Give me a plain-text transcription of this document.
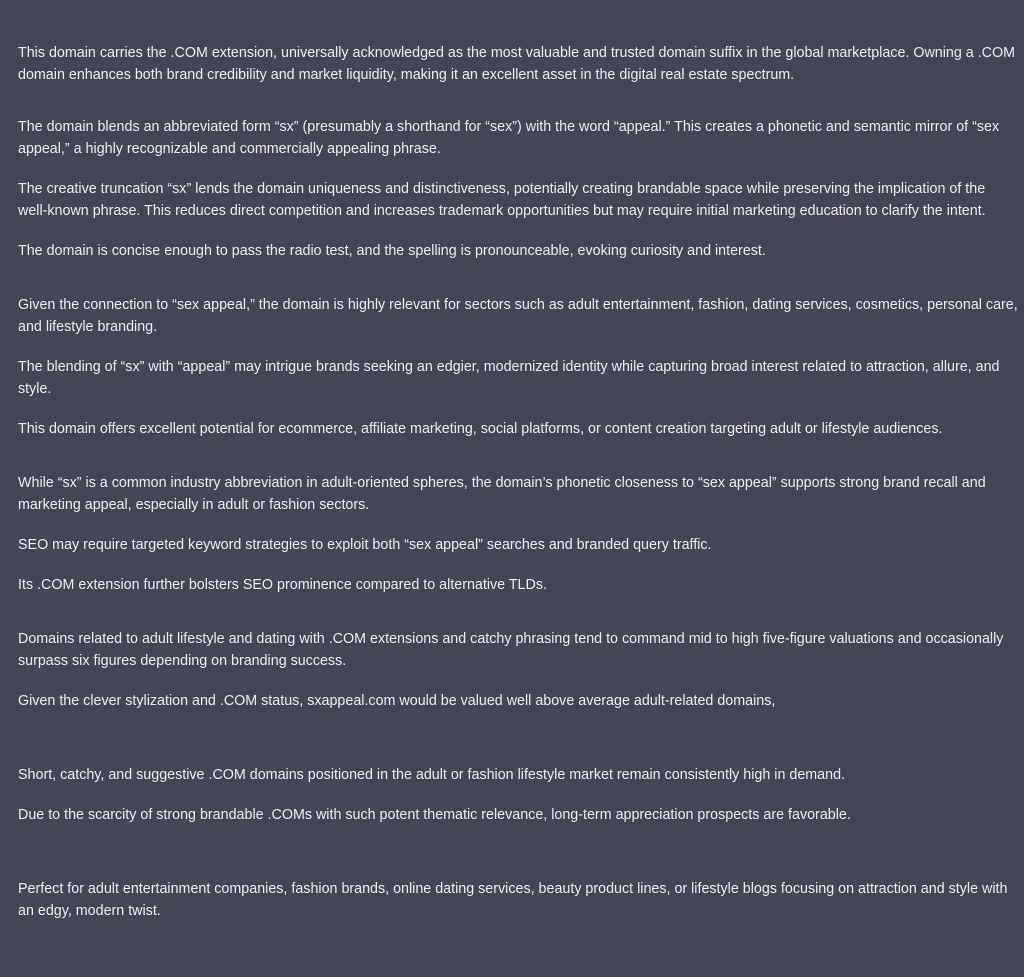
This domain carries the .COM extension, universally acknowledged as the most valuable and trusted domain suffix in the global marketplace. Owning a .COM domain enhances both brand credibility and market liquidity, making it an excellent asset in the digital real estate spectrum.

The domain blends an abbreviated form “sx” (presumably a shorthand for “sex”) with the word “appeal.” This creates a phonetic and semantic mirror of “sex appeal,” a highly recognizable and commercially appealing phrase.

The creative truncation “sx” lends the domain uniqueness and distinctiveness, potentially creating brandable space while preserving the implication of the well-known phrase. This reduces direct competition and increases trademark opportunities but may require initial marketing education to clarify the intent.

The domain is concise enough to pass the radio test, and the spelling is pronounceable, evoking curiosity and interest.

Given the connection to “sex appeal,” the domain is highly relevant for sectors such as adult entertainment, fashion, dating services, cosmetics, personal care, and lifestyle branding.

The blending of “sx” with “appeal” may intrigue brands seeking an edgier, modernized identity while capturing broad interest related to attraction, allure, and style.

This domain offers excellent potential for ecommerce, affiliate marketing, social platforms, or content creation targeting adult or lifestyle audiences.

While “sx” is a common industry abbreviation in adult-oriented spheres, the domain’s phonetic closeness to “sex appeal” supports strong brand recall and marketing appeal, especially in adult or fashion sectors.

SEO may require targeted keyword strategies to exploit both “sex appeal” searches and branded query traffic.

Its .COM extension further bolsters SEO prominence compared to alternative TLDs.

Domains related to adult lifestyle and dating with .COM extensions and catchy phrasing tend to command mid to high five-figure valuations and occasionally surpass six figures depending on branding success.

Given the clever stylization and .COM status, sxappeal.com would be valued well above average adult-related domains,

Short, catchy, and suggestive .COM domains positioned in the adult or fashion lifestyle market remain consistently high in demand.

Due to the scarcity of strong brandable .COMs with such potent thematic relevance, long-term appreciation prospects are favorable.

Perfect for adult entertainment companies, fashion brands, online dating services, beauty product lines, or lifestyle blogs focusing on attraction and style with an edgy, modern twist.
